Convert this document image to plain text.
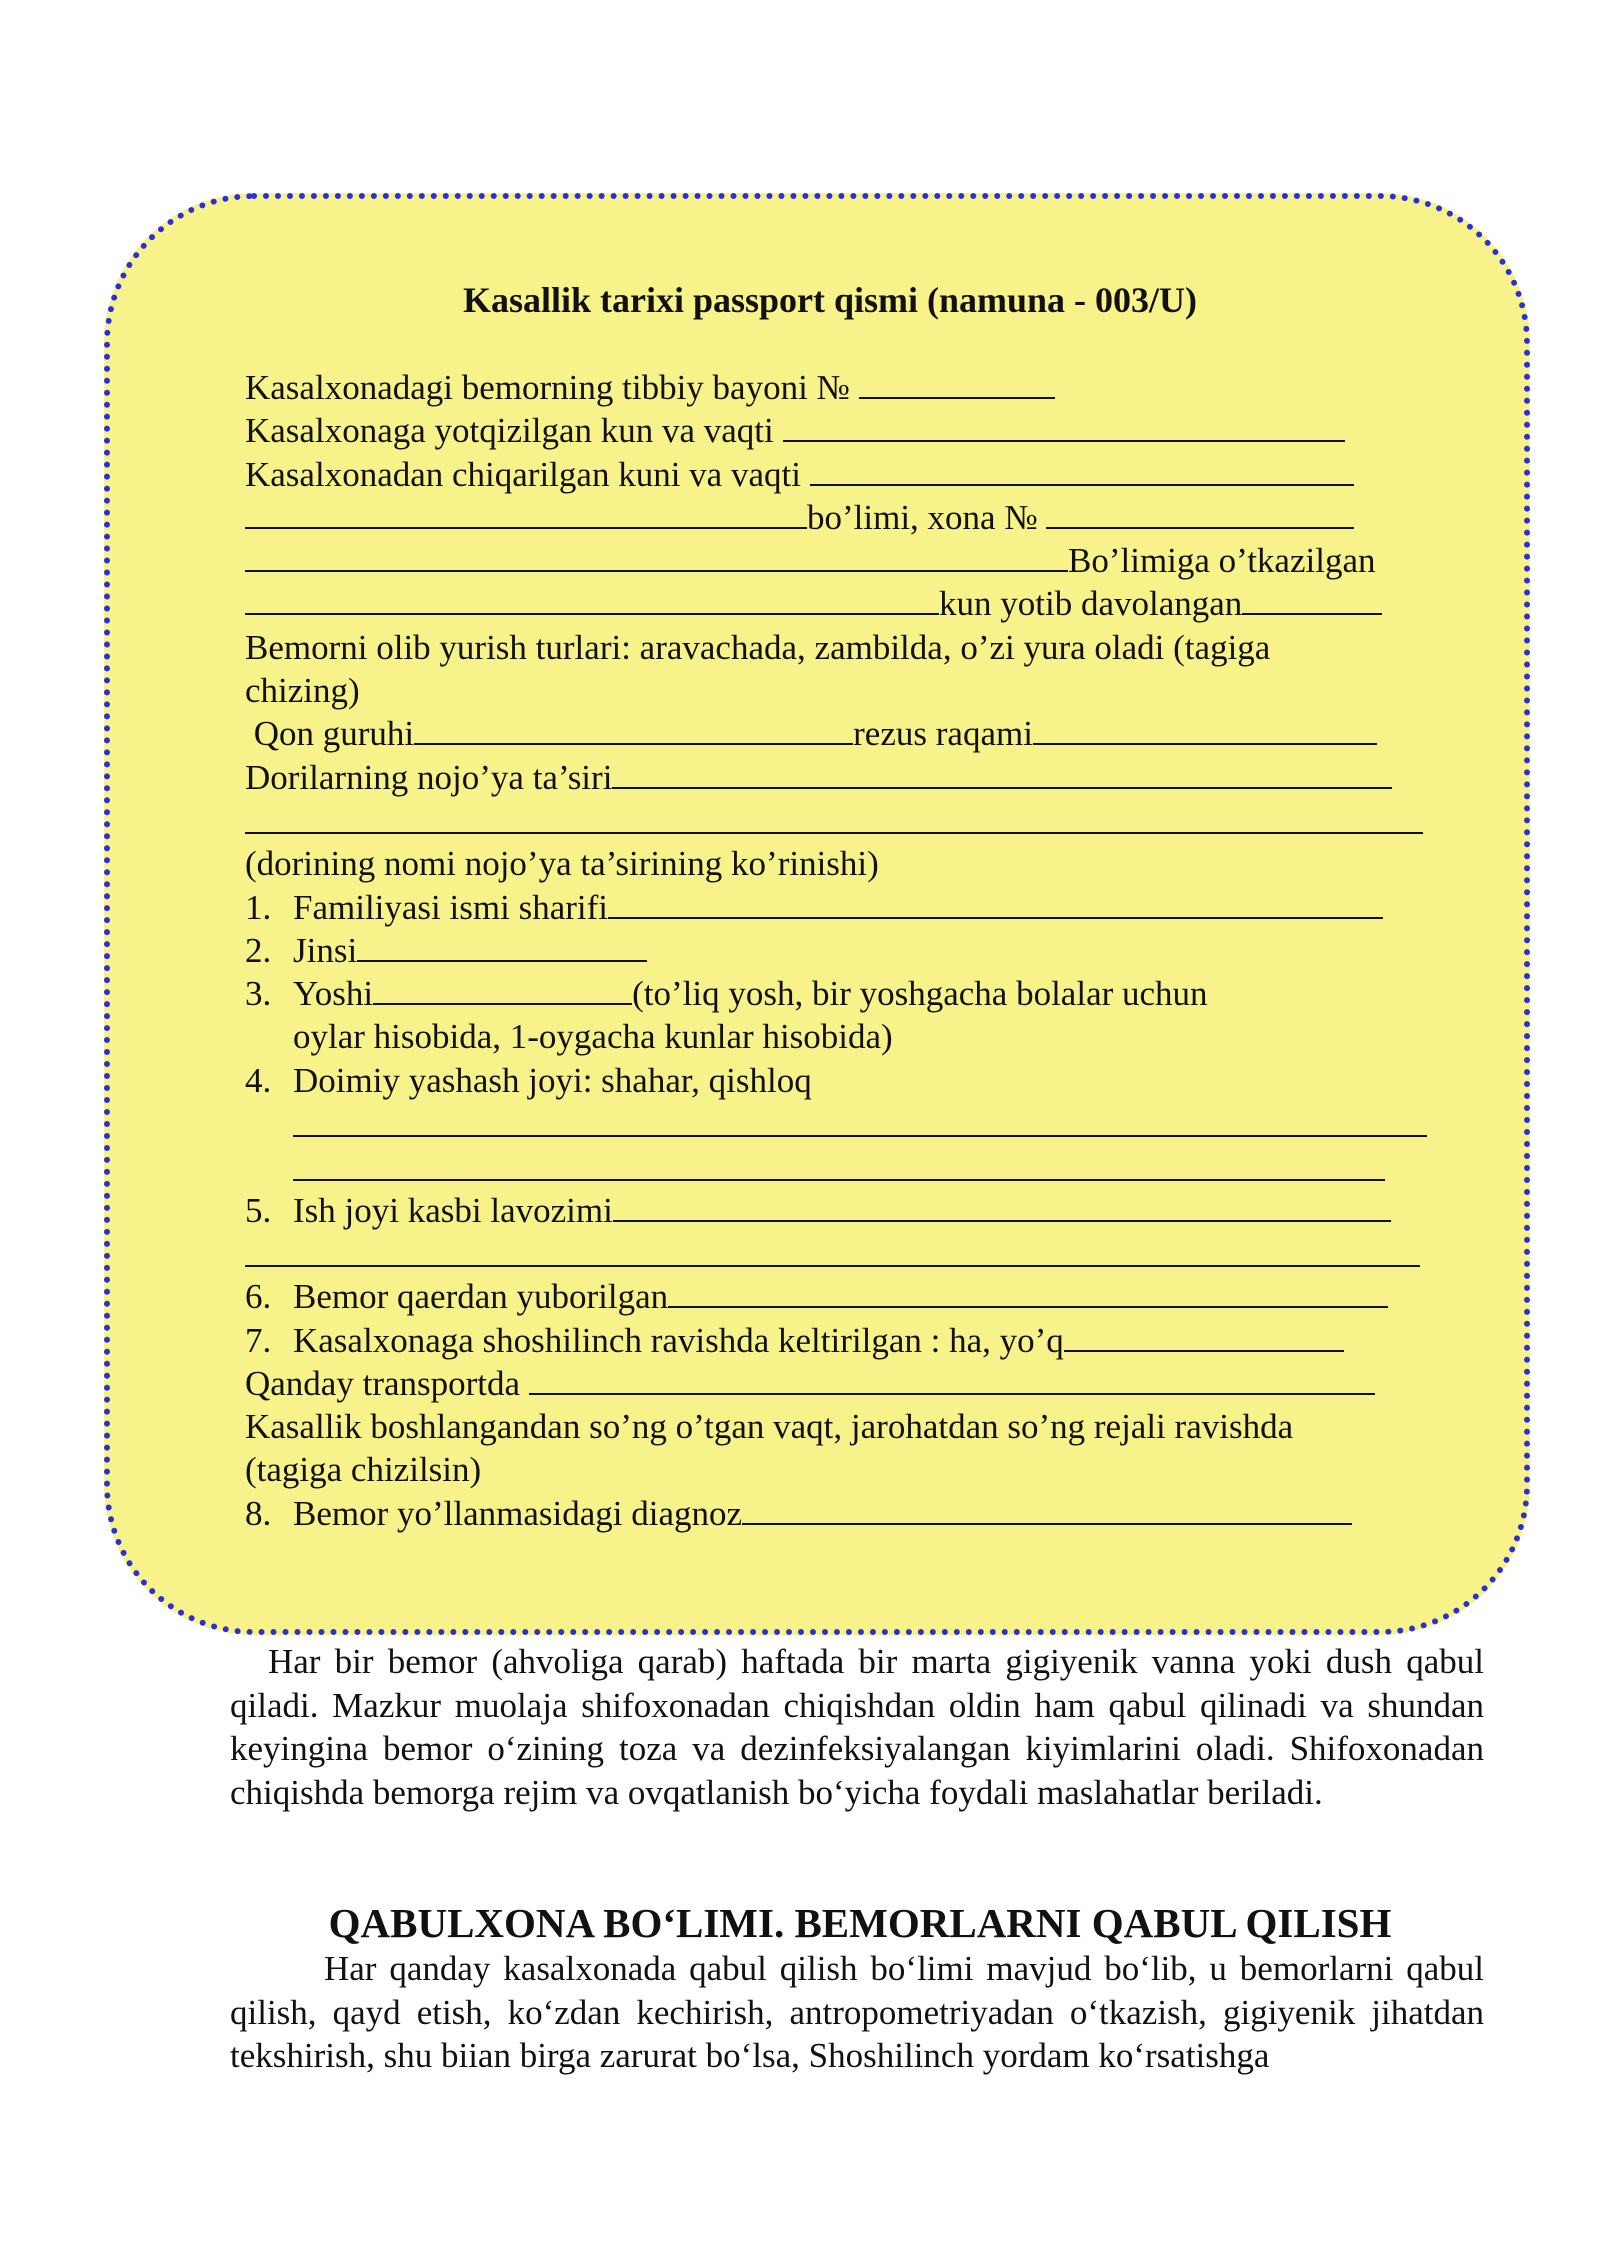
Kasallik tarixi passport qismi (namuna - 003/U)
Kasalxonadagi bemorning tibbiy bayoni №
Kasalxonaga yotqizilgan kun va vaqti
Kasalxonadan chiqarilgan kuni va vaqti
bo’limi, xona №
Bo’limiga o’tkazilgan
kun yotib davolangan
Bemorni olib yurish turlari: aravachada, zambilda, o’zi yura oladi (tagiga
chizing)
Qon guruhi	rezus raqami
Dorilarning nojo’ya ta’siri
(dorining nomi nojo’ya ta’sirining ko’rinishi)
1. Familiyasi ismi sharifi
2. Jinsi
3. Yoshi	(to’liq yosh, bir yoshgacha bolalar uchun
oylar hisobida, 1-oygacha kunlar hisobida)
4. Doimiy yashash joyi: shahar, qishloq
5. Ish joyi kasbi lavozimi
6. Bemor qaerdan yuborilgan
7. Kasalxonaga shoshilinch ravishda keltirilgan : ha, yo’q
Qanday transportda
Kasallik boshlangandan so’ng o’tgan vaqt, jarohatdan so’ng rejali ravishda
(tagiga chizilsin)
8. Bemor yo’llanmasidagi diagnoz
Har bir bemor (ahvoliga qarab) haftada bir marta gigiyenik vanna yoki dush qabul qiladi. Mazkur muolaja shifoxonadan chiqishdan oldin ham qabul qilinadi va shundan keyingina bemor oʻzining toza va dezinfeksiyalangan kiyimlarini oladi. Shifoxonadan chiqishda bemorga rejim va ovqatlanish boʻyicha foydali maslahatlar beriladi.
QABULXONA BOʻLIMI. BEMORLARNI QABUL QILISH
Har qanday kasalxonada qabul qilish boʻlimi mavjud boʻlib, u bemorlarni qabul qilish, qayd etish, koʻzdan kechirish, antropometriyadan oʻtkazish, gigiyenik jihatdan tekshirish, shu biian birga zarurat boʻlsa, Shoshilinch yordam koʻrsatishga
